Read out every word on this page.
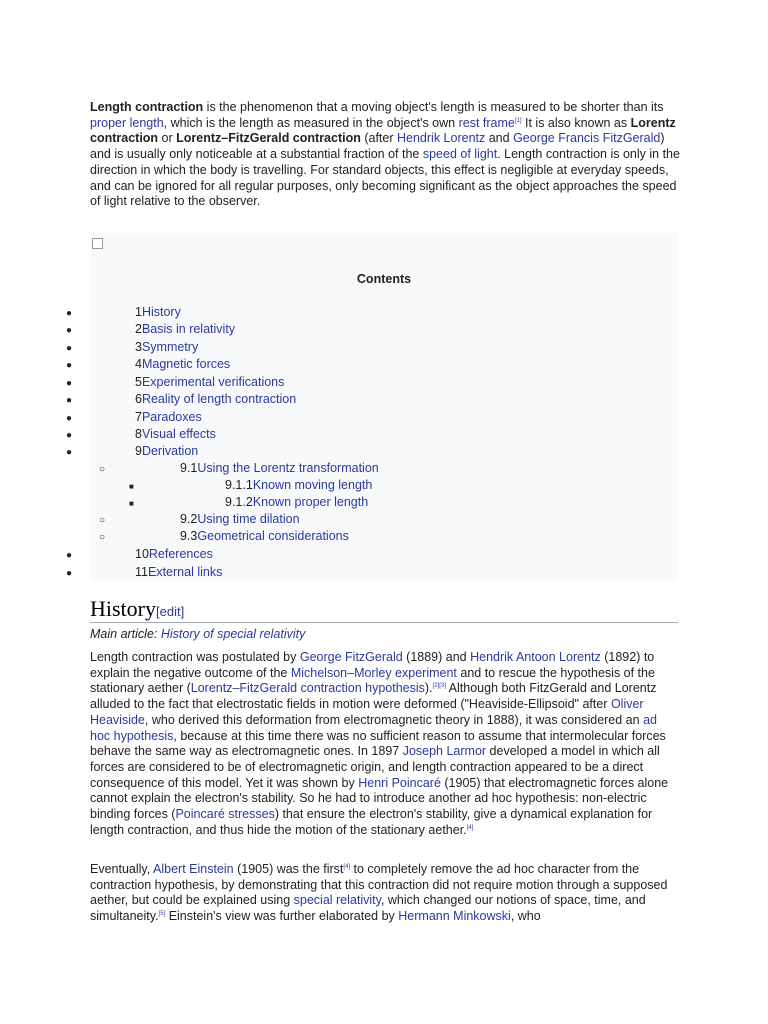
Length contraction is the phenomenon that a moving object's length is measured to be shorter than its proper length, which is the length as measured in the object's own rest frame[1] It is also known as Lorentz contraction or Lorentz–FitzGerald contraction (after Hendrik Lorentz and George Francis FitzGerald) and is usually only noticeable at a substantial fraction of the speed of light. Length contraction is only in the direction in which the body is travelling. For standard objects, this effect is negligible at everyday speeds, and can be ignored for all regular purposes, only becoming significant as the object approaches the speed of light relative to the observer.

Contents
●	1History
●	2Basis in relativity
●	3Symmetry
●	4Magnetic forces
●	5Experimental verifications
●	6Reality of length contraction
●	7Paradoxes
●	8Visual effects
●	9Derivation
○	9.1Using the Lorentz transformation
■	9.1.1Known moving length
■	9.1.2Known proper length
○	9.2Using time dilation
○	9.3Geometrical considerations
●	10References
●	11External links
History[edit]
Main article: History of special relativity

Length contraction was postulated by George FitzGerald (1889) and Hendrik Antoon Lorentz (1892) to explain the negative outcome of the Michelson–Morley experiment and to rescue the hypothesis of the stationary aether (Lorentz–FitzGerald contraction hypothesis).[2][3] Although both FitzGerald and Lorentz alluded to the fact that electrostatic fields in motion were deformed ("Heaviside-Ellipsoid" after Oliver Heaviside, who derived this deformation from electromagnetic theory in 1888), it was considered an ad hoc hypothesis, because at this time there was no sufficient reason to assume that intermolecular forces behave the same way as electromagnetic ones. In 1897 Joseph Larmor developed a model in which all forces are considered to be of electromagnetic origin, and length contraction appeared to be a direct consequence of this model. Yet it was shown by Henri Poincaré (1905) that electromagnetic forces alone cannot explain the electron's stability. So he had to introduce another ad hoc hypothesis: non-electric binding forces (Poincaré stresses) that ensure the electron's stability, give a dynamical explanation for length contraction, and thus hide the motion of the stationary aether.[4]

Eventually, Albert Einstein (1905) was the first[4] to completely remove the ad hoc character from the contraction hypothesis, by demonstrating that this contraction did not require motion through a supposed aether, but could be explained using special relativity, which changed our notions of space, time, and simultaneity.[5] Einstein's view was further elaborated by Hermann Minkowski, who
